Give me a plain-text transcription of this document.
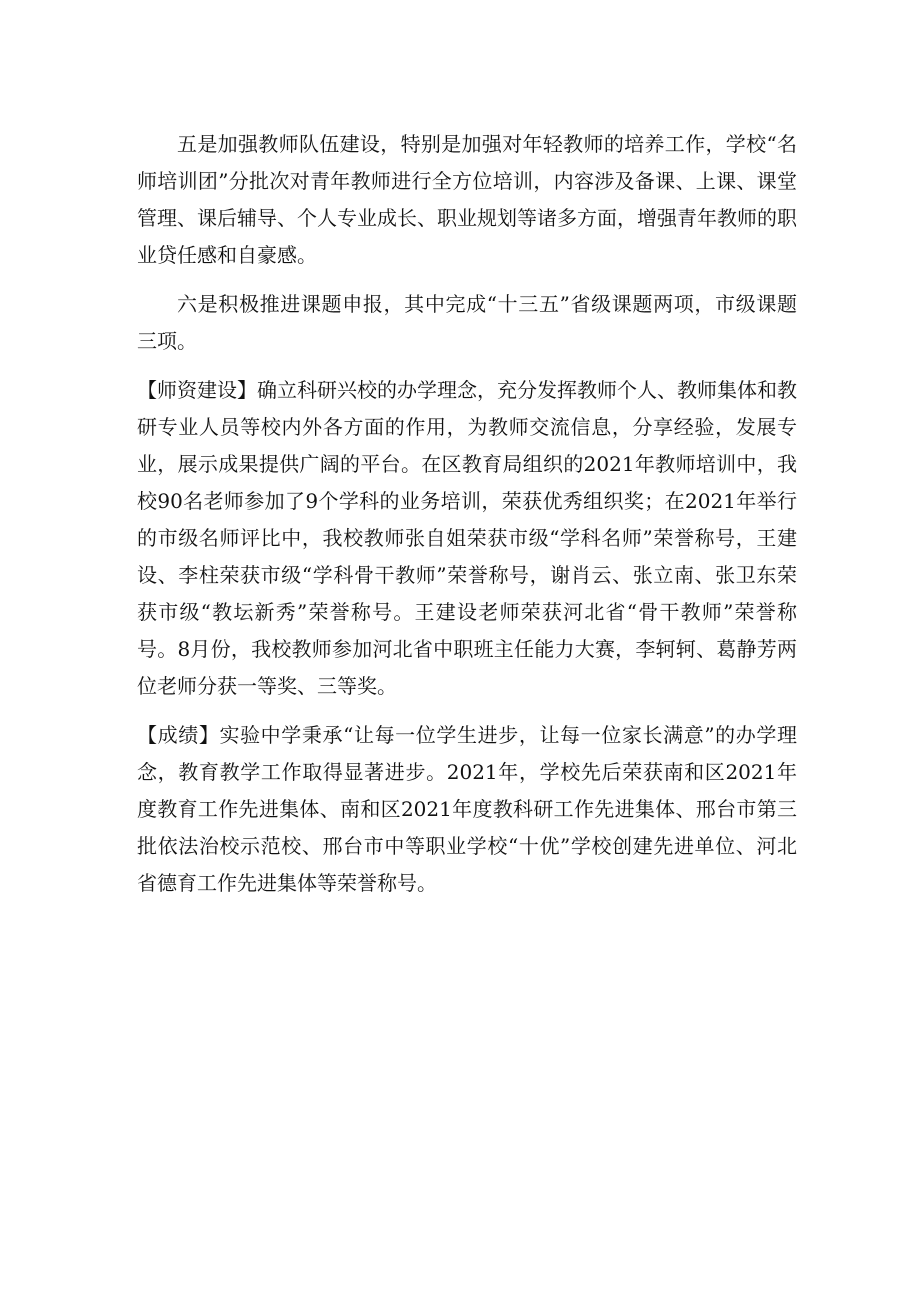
五是加强教师队伍建设，特别是加强对年轻教师的培养工作，学校“名师培训团”分批次对青年教师进行全方位培训，内容涉及备课、上课、课堂管理、课后辅导、个人专业成长、职业规划等诸多方面，增强青年教师的职业贷任感和自豪感。

六是积极推进课题申报，其中完成“十三五”省级课题两项，市级课题三项。

【师资建设】确立科研兴校的办学理念，充分发挥教师个人、教师集体和教研专业人员等校内外各方面的作用，为教师交流信息，分享经验，发展专业，展示成果提供广阔的平台。在区教育局组织的2021年教师培训中，我校90名老师参加了9个学科的业务培训，荣获优秀组织奖；在2021年举行的市级名师评比中，我校教师张自姐荣获市级“学科名师”荣誉称号，王建设、李柱荣获市级“学科骨干教师”荣誉称号，谢肖云、张立南、张卫东荣获市级“教坛新秀”荣誉称号。王建设老师荣获河北省“骨干教师”荣誉称号。8月份，我校教师参加河北省中职班主任能力大赛，李轲轲、葛静芳两位老师分获一等奖、三等奖。

【成绩】实验中学秉承“让每一位学生进步，让每一位家长满意”的办学理念，教育教学工作取得显著进步。2021年，学校先后荣获南和区2021年度教育工作先进集体、南和区2021年度教科研工作先进集体、邢台市第三批依法治校示范校、邢台市中等职业学校“十优”学校创建先进单位、河北省德育工作先进集体等荣誉称号。
